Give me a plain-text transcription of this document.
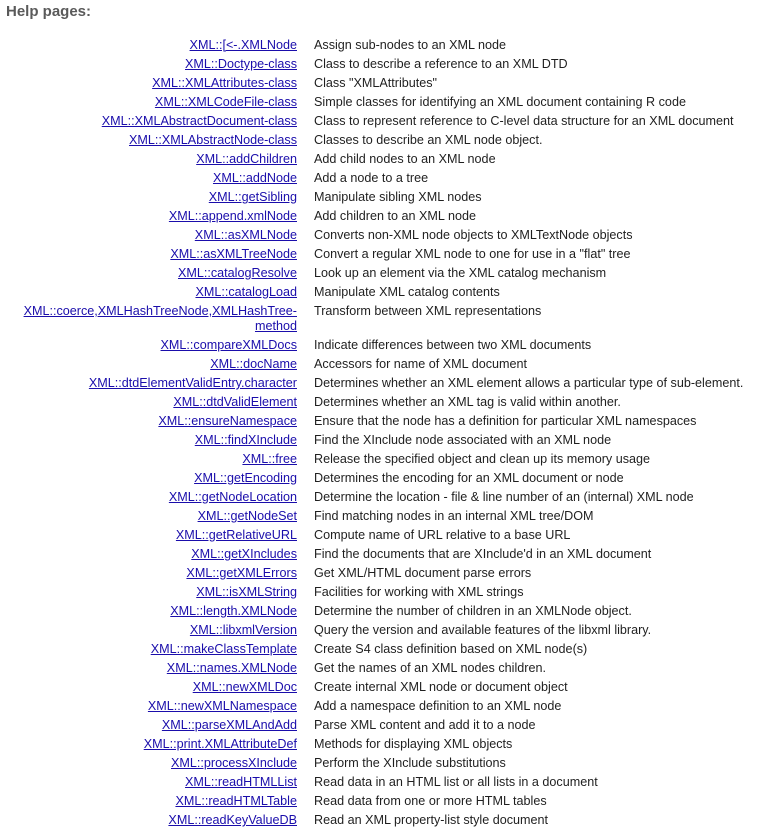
Help pages:
XML::[<-.XMLNode	Assign sub-nodes to an XML node
XML::Doctype-class	Class to describe a reference to an XML DTD
XML::XMLAttributes-class	Class "XMLAttributes"
XML::XMLCodeFile-class	Simple classes for identifying an XML document containing R code
XML::XMLAbstractDocument-class	Class to represent reference to C-level data structure for an XML document
XML::XMLAbstractNode-class	Classes to describe an XML node object.
XML::addChildren	Add child nodes to an XML node
XML::addNode	Add a node to a tree
XML::getSibling	Manipulate sibling XML nodes
XML::append.xmlNode	Add children to an XML node
XML::asXMLNode	Converts non-XML node objects to XMLTextNode objects
XML::asXMLTreeNode	Convert a regular XML node to one for use in a "flat" tree
XML::catalogResolve	Look up an element via the XML catalog mechanism
XML::catalogLoad	Manipulate XML catalog contents
XML::coerce,XMLHashTreeNode,XMLHashTree-method	Transform between XML representations
XML::compareXMLDocs	Indicate differences between two XML documents
XML::docName	Accessors for name of XML document
XML::dtdElementValidEntry.character	Determines whether an XML element allows a particular type of sub-element.
XML::dtdValidElement	Determines whether an XML tag is valid within another.
XML::ensureNamespace	Ensure that the node has a definition for particular XML namespaces
XML::findXInclude	Find the XInclude node associated with an XML node
XML::free	Release the specified object and clean up its memory usage
XML::getEncoding	Determines the encoding for an XML document or node
XML::getNodeLocation	Determine the location - file & line number of an (internal) XML node
XML::getNodeSet	Find matching nodes in an internal XML tree/DOM
XML::getRelativeURL	Compute name of URL relative to a base URL
XML::getXIncludes	Find the documents that are XInclude'd in an XML document
XML::getXMLErrors	Get XML/HTML document parse errors
XML::isXMLString	Facilities for working with XML strings
XML::length.XMLNode	Determine the number of children in an XMLNode object.
XML::libxmlVersion	Query the version and available features of the libxml library.
XML::makeClassTemplate	Create S4 class definition based on XML node(s)
XML::names.XMLNode	Get the names of an XML nodes children.
XML::newXMLDoc	Create internal XML node or document object
XML::newXMLNamespace	Add a namespace definition to an XML node
XML::parseXMLAndAdd	Parse XML content and add it to a node
XML::print.XMLAttributeDef	Methods for displaying XML objects
XML::processXInclude	Perform the XInclude substitutions
XML::readHTMLList	Read data in an HTML list or all lists in a document
XML::readHTMLTable	Read data from one or more HTML tables
XML::readKeyValueDB	Read an XML property-list style document
